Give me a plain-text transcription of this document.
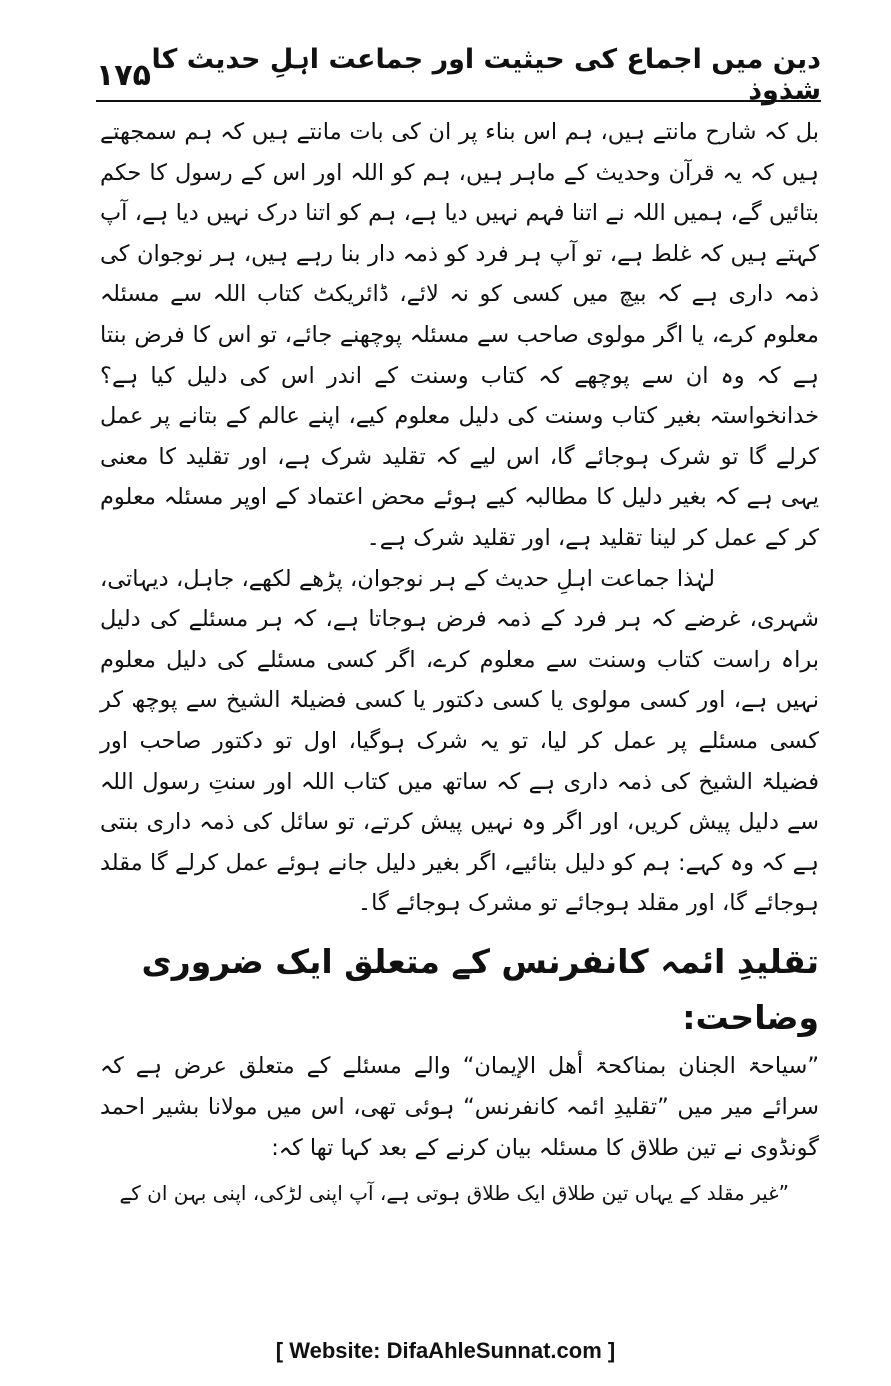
۱۷۵ دین میں اجماع کی حیثیت اور جماعت اہلِ حدیث کا شذوذ

بل کہ شارح مانتے ہیں، ہم اس بناء پر ان کی بات مانتے ہیں کہ ہم سمجھتے ہیں کہ یہ قرآن وحدیث کے ماہر ہیں، ہم کو اللہ اور اس کے رسول کا حکم بتائیں گے، ہمیں اللہ نے اتنا فہم نہیں دیا ہے، ہم کو اتنا درک نہیں دیا ہے، آپ کہتے ہیں کہ غلط ہے، تو آپ ہر فرد کو ذمہ دار بنا رہے ہیں، ہر نوجوان کی ذمہ داری ہے کہ بیچ میں کسی کو نہ لائے، ڈائریکٹ کتاب اللہ سے مسئلہ معلوم کرے، یا اگر مولوی صاحب سے مسئلہ پوچھنے جائے، تو اس کا فرض بنتا ہے کہ وہ ان سے پوچھے کہ کتاب وسنت کے اندر اس کی دلیل کیا ہے؟ خدانخواستہ بغیر کتاب وسنت کی دلیل معلوم کیے، اپنے عالم کے بتانے پر عمل کرلے گا تو شرک ہوجائے گا، اس لیے کہ تقلید شرک ہے، اور تقلید کا معنی یہی ہے کہ بغیر دلیل کا مطالبہ کیے ہوئے محض اعتماد کے اوپر مسئلہ معلوم کر کے عمل کر لینا تقلید ہے، اور تقلید شرک ہے۔

لہٰذا جماعت اہلِ حدیث کے ہر نوجوان، پڑھے لکھے، جاہل، دیہاتی، شہری، غرضے کہ ہر فرد کے ذمہ فرض ہوجاتا ہے، کہ ہر مسئلے کی دلیل براہ راست کتاب وسنت سے معلوم کرے، اگر کسی مسئلے کی دلیل معلوم نہیں ہے، اور کسی مولوی یا کسی دکتور یا کسی فضیلۃ الشیخ سے پوچھ کر کسی مسئلے پر عمل کر لیا، تو یہ شرک ہوگیا، اول تو دکتور صاحب اور فضیلۃ الشیخ کی ذمہ داری ہے کہ ساتھ میں کتاب اللہ اور سنتِ رسول اللہ سے دلیل پیش کریں، اور اگر وہ نہیں پیش کرتے، تو سائل کی ذمہ داری بنتی ہے کہ وہ کہے: ہم کو دلیل بتائیے، اگر بغیر دلیل جانے ہوئے عمل کرلے گا مقلد ہوجائے گا، اور مقلد ہوجائے تو مشرک ہوجائے گا۔

تقلیدِ ائمہ کانفرنس کے متعلق ایک ضروری وضاحت:

”سیاحۃ الجنان بمناکحۃ أھل الإیمان“ والے مسئلے کے متعلق عرض ہے کہ سرائے میر میں ”تقلیدِ ائمہ کانفرنس“ ہوئی تھی، اس میں مولانا بشیر احمد گونڈوی نے تین طلاق کا مسئلہ بیان کرنے کے بعد کہا تھا کہ:

”غیر مقلد کے یہاں تین طلاق ایک طلاق ہوتی ہے، آپ اپنی لڑکی، اپنی بہن ان کے

[ Website: DifaAhleSunnat.com ]
